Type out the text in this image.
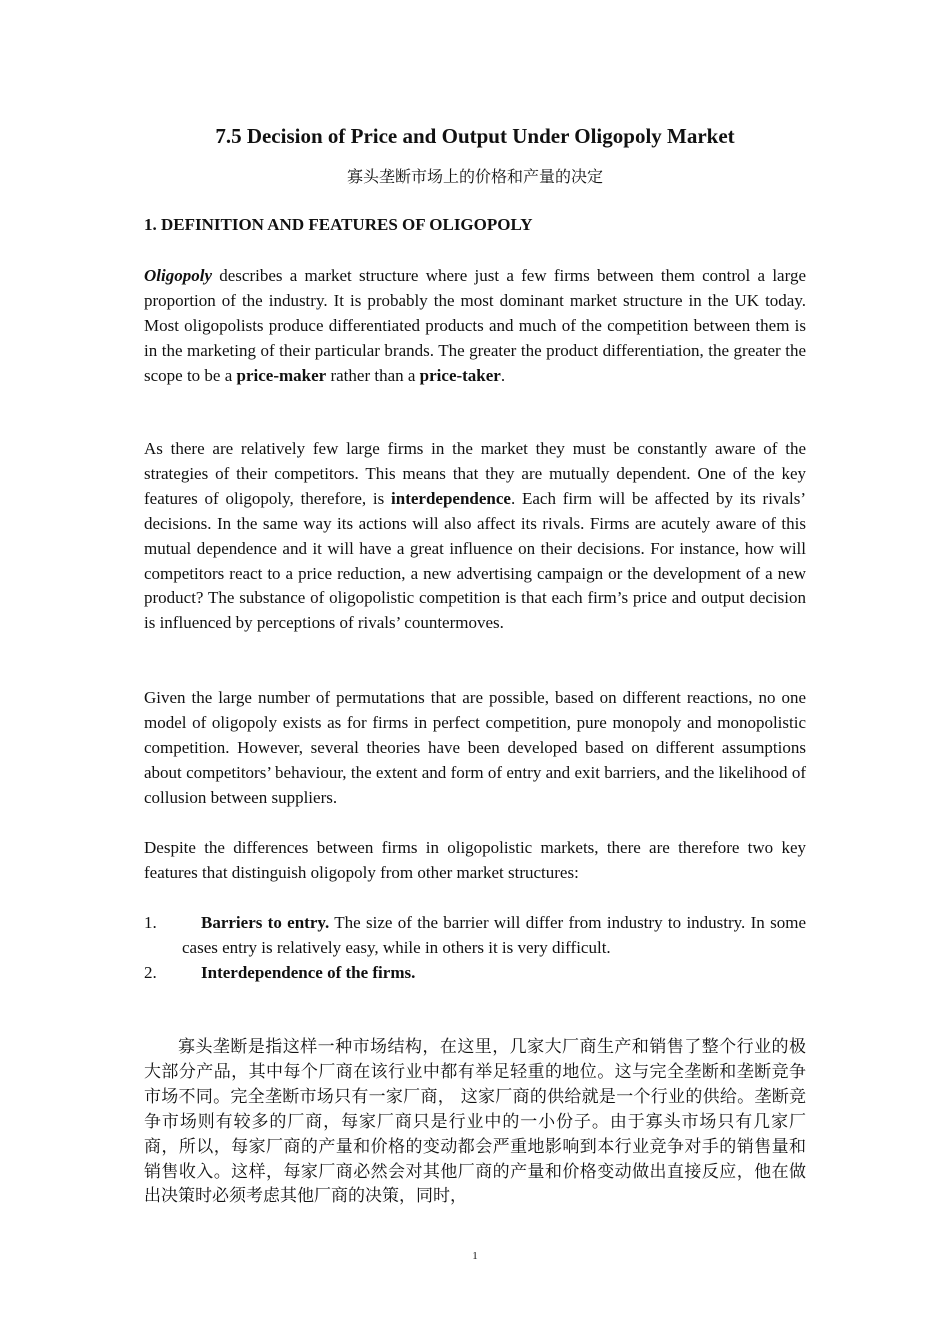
7.5 Decision of Price and Output Under Oligopoly Market
寡头垄断市场上的价格和产量的决定
1. DEFINITION AND FEATURES OF OLIGOPOLY

Oligopoly describes a market structure where just a few firms between them control a large proportion of the industry. It is probably the most dominant market structure in the UK today. Most oligopolists produce differentiated products and much of the competition between them is in the marketing of their particular brands. The greater the product differentiation, the greater the scope to be a price-maker rather than a price-taker.

As there are relatively few large firms in the market they must be constantly aware of the strategies of their competitors. This means that they are mutually dependent. One of the key features of oligopoly, therefore, is interdependence. Each firm will be affected by its rivals’ decisions. In the same way its actions will also affect its rivals. Firms are acutely aware of this mutual dependence and it will have a great influence on their decisions. For instance, how will competitors react to a price reduction, a new advertising campaign or the development of a new product? The substance of oligopolistic competition is that each firm’s price and output decision is influenced by perceptions of rivals’ countermoves.

Given the large number of permutations that are possible, based on different reactions, no one model of oligopoly exists as for firms in perfect competition, pure monopoly and monopolistic competition. However, several theories have been developed based on different assumptions about competitors’ behaviour, the extent and form of entry and exit barriers, and the likelihood of collusion between suppliers.

Despite the differences between firms in oligopolistic markets, there are therefore two key features that distinguish oligopoly from other market structures:

1.	Barriers to entry. The size of the barrier will differ from industry to industry. In some cases entry is relatively easy, while in others it is very difficult.
2.	Interdependence of the firms.
寡头垄断是指这样一种市场结构，在这里，几家大厂商生产和销售了整个行业的极大部分产品，其中每个厂商在该行业中都有举足轻重的地位。这与完全垄断和垄断竞争市场不同。完全垄断市场只有一家厂商， 这家厂商的供给就是一个行业的供给。垄断竞争市场则有较多的厂商，每家厂商只是行业中的一小份子。由于寡头市场只有几家厂商，所以，每家厂商的产量和价格的变动都会严重地影响到本行业竞争对手的销售量和销售收入。这样，每家厂商必然会对其他厂商的产量和价格变动做出直接反应，他在做出决策时必须考虑其他厂商的决策，同时，
1
